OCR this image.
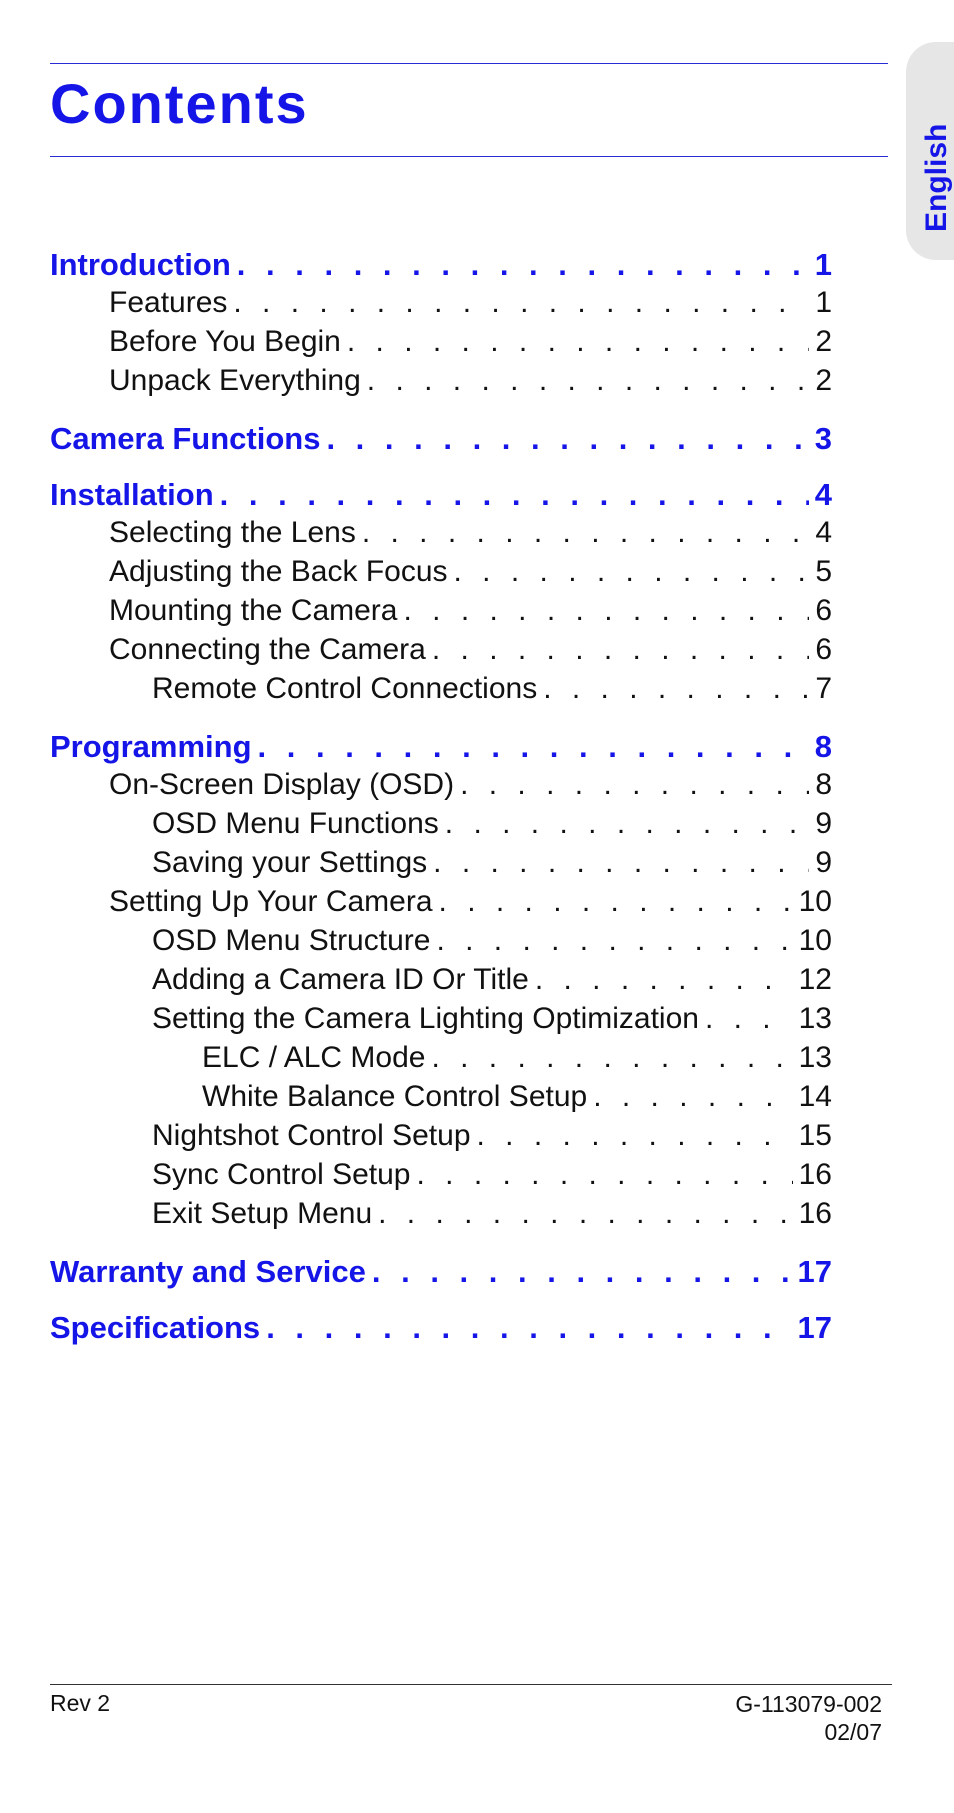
Contents
English
Introduction . . .	1
Features . . .	1
Before You Begin . . .	2
Unpack Everything . . .	2
Camera Functions . . .	3
Installation . . .	4
Selecting the Lens . . .	4
Adjusting the Back Focus . . .	5
Mounting the Camera . . .	6
Connecting the Camera . . .	6
Remote Control Connections . . .	7
Programming . . .	8
On-Screen Display (OSD) . . .	8
OSD Menu Functions . . .	9
Saving your Settings . . .	9
Setting Up Your Camera . . .	10
OSD Menu Structure . . .	10
Adding a Camera ID Or Title . . .	12
Setting the Camera Lighting Optimization . . .	13
ELC / ALC Mode . . .	13
White Balance Control Setup . . .	14
Nightshot Control Setup . . .	15
Sync Control Setup . . .	16
Exit Setup Menu . . .	16
Warranty and Service . . .	17
Specifications . . .	17
Rev 2	G-113079-002
02/07
